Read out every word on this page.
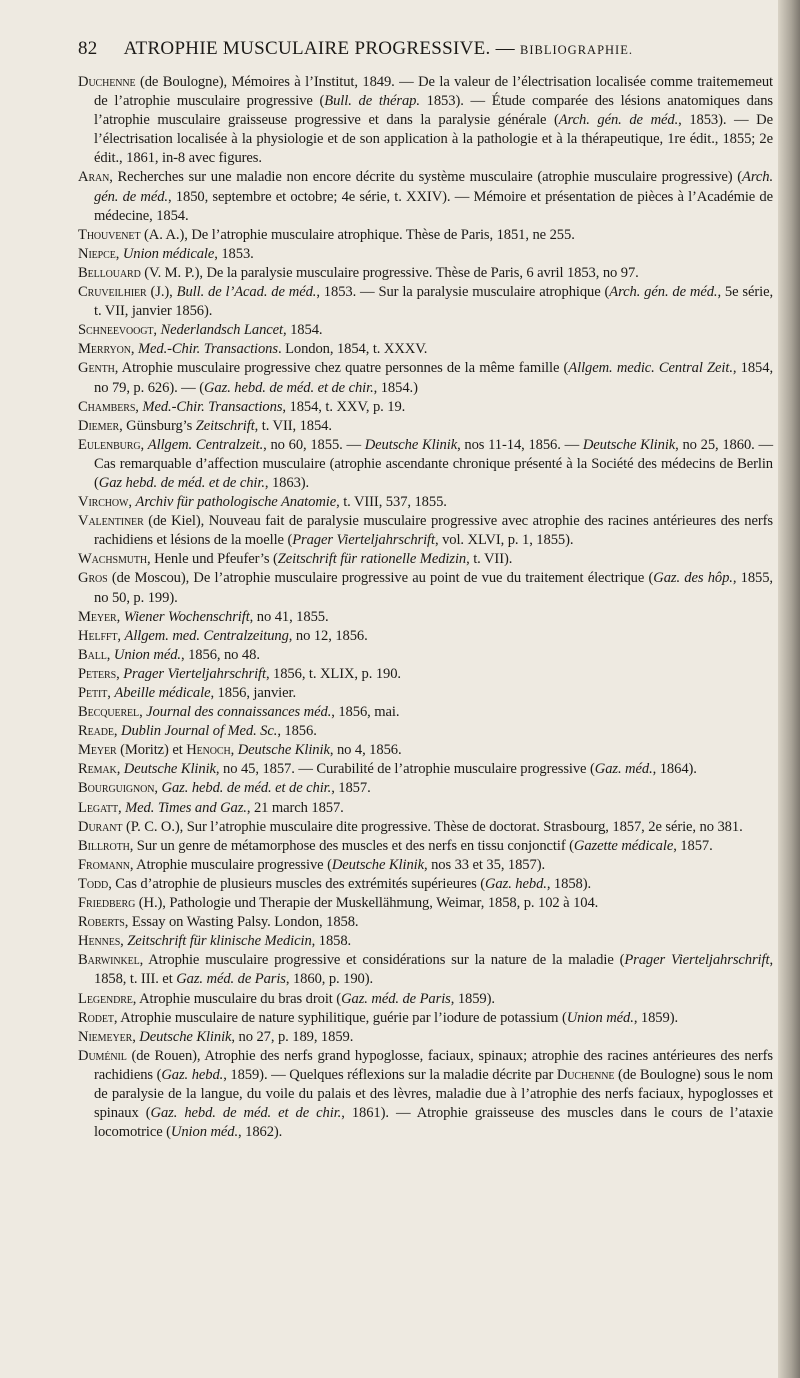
82 ATROPHIE MUSCULAIRE PROGRESSIVE. — BIBLIOGRAPHIE.

Duchenne (de Boulogne), Mémoires à l’Institut, 1849. — De la valeur de l’électrisation localisée comme traitememeut de l’atrophie musculaire progressive (Bull. de thérap. 1853). — Étude comparée des lésions anatomiques dans l’atrophie musculaire graisseuse progressive et dans la paralysie générale (Arch. gén. de méd., 1853). — De l’électrisation localisée à la physiologie et de son application à la pathologie et à la thérapeutique, 1re édit., 1855; 2e édit., 1861, in-8 avec figures.

Aran, Recherches sur une maladie non encore décrite du système musculaire (atrophie musculaire progressive) (Arch. gén. de méd., 1850, septembre et octobre; 4e série, t. XXIV). — Mémoire et présentation de pièces à l’Académie de médecine, 1854.

Thouvenet (A. A.), De l’atrophie musculaire atrophique. Thèse de Paris, 1851, ne 255.

Niepce, Union médicale, 1853.

Bellouard (V. M. P.), De la paralysie musculaire progressive. Thèse de Paris, 6 avril 1853, no 97.

Cruveilhier (J.), Bull. de l’Acad. de méd., 1853. — Sur la paralysie musculaire atrophique (Arch. gén. de méd., 5e série, t. VII, janvier 1856).

Schneevoogt, Nederlandsch Lancet, 1854.

Merryon, Med.-Chir. Transactions. London, 1854, t. XXXV.

Genth, Atrophie musculaire progressive chez quatre personnes de la même famille (Allgem. medic. Central Zeit., 1854, no 79, p. 626). — (Gaz. hebd. de méd. et de chir., 1854.)

Chambers, Med.-Chir. Transactions, 1854, t. XXV, p. 19.

Diemer, Günsburg’s Zeitschrift, t. VII, 1854.

Eulenburg, Allgem. Centralzeit., no 60, 1855. — Deutsche Klinik, nos 11-14, 1856. — Deutsche Klinik, no 25, 1860. — Cas remarquable d’affection musculaire (atrophie ascendante chronique présenté à la Société des médecins de Berlin (Gaz hebd. de méd. et de chir., 1863).

Virchow, Archiv für pathologische Anatomie, t. VIII, 537, 1855.

Valentiner (de Kiel), Nouveau fait de paralysie musculaire progressive avec atrophie des racines antérieures des nerfs rachidiens et lésions de la moelle (Prager Vierteljahrschrift, vol. XLVI, p. 1, 1855).

Wachsmuth, Henle und Pfeufer’s (Zeitschrift für rationelle Medizin, t. VII).

Gros (de Moscou), De l’atrophie musculaire progressive au point de vue du traitement électrique (Gaz. des hôp., 1855, no 50, p. 199).

Meyer, Wiener Wochenschrift, no 41, 1855.

Helfft, Allgem. med. Centralzeitung, no 12, 1856.

Ball, Union méd., 1856, no 48.

Peters, Prager Vierteljahrschrift, 1856, t. XLIX, p. 190.

Petit, Abeille médicale, 1856, janvier.

Becquerel, Journal des connaissances méd., 1856, mai.

Reade, Dublin Journal of Med. Sc., 1856.

Meyer (Moritz) et Henoch, Deutsche Klinik, no 4, 1856.

Remak, Deutsche Klinik, no 45, 1857. — Curabilité de l’atrophie musculaire progressive (Gaz. méd., 1864).

Bourguignon, Gaz. hebd. de méd. et de chir., 1857.

Legatt, Med. Times and Gaz., 21 march 1857.

Durant (P. C. O.), Sur l’atrophie musculaire dite progressive. Thèse de doctorat. Strasbourg, 1857, 2e série, no 381.

Billroth, Sur un genre de métamorphose des muscles et des nerfs en tissu conjonctif (Gazette médicale, 1857.

Fromann, Atrophie musculaire progressive (Deutsche Klinik, nos 33 et 35, 1857).

Todd, Cas d’atrophie de plusieurs muscles des extrémités supérieures (Gaz. hebd., 1858).

Friedberg (H.), Pathologie und Therapie der Muskellähmung, Weimar, 1858, p. 102 à 104.

Roberts, Essay on Wasting Palsy. London, 1858.

Hennes, Zeitschrift für klinische Medicin, 1858.

Barwinkel, Atrophie musculaire progressive et considérations sur la nature de la maladie (Prager Vierteljahrschrift, 1858, t. III. et Gaz. méd. de Paris, 1860, p. 190).

Legendre, Atrophie musculaire du bras droit (Gaz. méd. de Paris, 1859).

Rodet, Atrophie musculaire de nature syphilitique, guérie par l’iodure de potassium (Union méd., 1859).

Niemeyer, Deutsche Klinik, no 27, p. 189, 1859.

Duménil (de Rouen), Atrophie des nerfs grand hypoglosse, faciaux, spinaux; atrophie des racines antérieures des nerfs rachidiens (Gaz. hebd., 1859). — Quelques réflexions sur la maladie décrite par Duchenne (de Boulogne) sous le nom de paralysie de la langue, du voile du palais et des lèvres, maladie due à l’atrophie des nerfs faciaux, hypoglosses et spinaux (Gaz. hebd. de méd. et de chir., 1861). — Atrophie graisseuse des muscles dans le cours de l’ataxie locomotrice (Union méd., 1862).
